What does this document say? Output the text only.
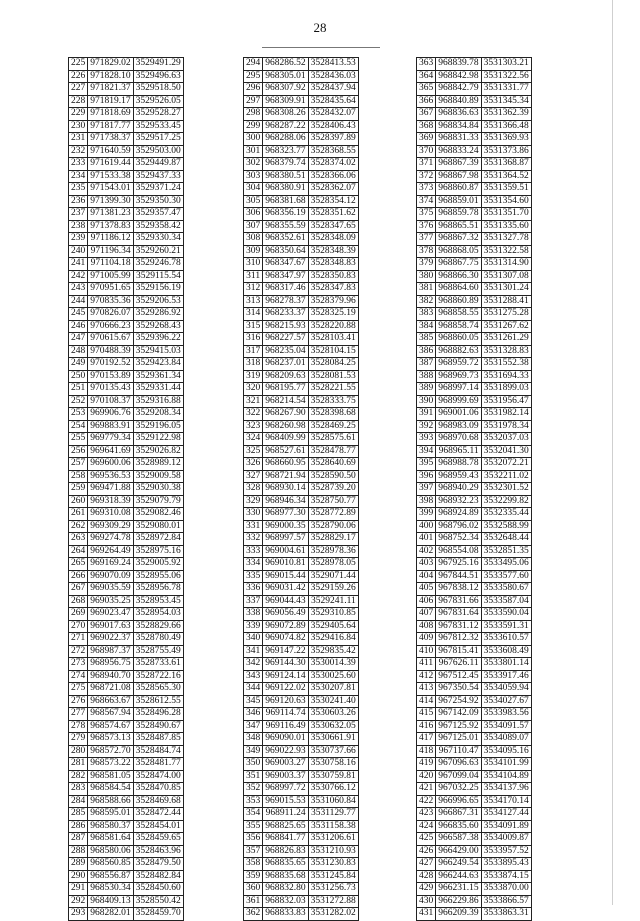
28
225	971829.02	3529491.29
226	971828.10	3529496.63
227	971821.37	3529518.50
228	971819.17	3529526.05
229	971818.69	3529528.27
230	971817.77	3529533.45
231	971738.37	3529517.25
232	971640.59	3529503.00
233	971619.44	3529449.87
234	971533.38	3529437.33
235	971543.01	3529371.24
236	971399.30	3529350.30
237	971381.23	3529357.47
238	971378.83	3529358.42
239	971186.12	3529330.34
240	971196.34	3529260.21
241	971104.18	3529246.78
242	971005.99	3529115.54
243	970951.65	3529156.19
244	970835.36	3529206.53
245	970826.07	3529286.92
246	970666.23	3529268.43
247	970615.67	3529396.22
248	970488.39	3529415.03
249	970192.52	3529423.84
250	970153.89	3529361.34
251	970135.43	3529331.44
252	970108.37	3529316.88
253	969906.76	3529208.34
254	969883.91	3529196.05
255	969779.34	3529122.98
256	969641.69	3529026.82
257	969600.06	3528989.12
258	969536.53	3529009.58
259	969471.88	3529030.38
260	969318.39	3529079.79
261	969310.08	3529082.46
262	969309.29	3529080.01
263	969274.78	3528972.84
264	969264.49	3528975.16
265	969169.24	3529005.92
266	969070.09	3528955.06
267	969035.59	3528956.78
268	969035.25	3528953.45
269	969023.47	3528954.03
270	969017.63	3528829.66
271	969022.37	3528780.49
272	968987.37	3528755.49
273	968956.75	3528733.61
274	968940.70	3528722.16
275	968721.08	3528565.30
276	968663.67	3528612.55
277	968567.94	3528496.28
278	968574.67	3528490.67
279	968573.13	3528487.85
280	968572.70	3528484.74
281	968573.22	3528481.77
282	968581.05	3528474.00
283	968584.54	3528470.85
284	968588.66	3528469.68
285	968595.01	3528472.44
286	968580.37	3528454.01
287	968581.64	3528459.65
288	968580.06	3528463.96
289	968560.85	3528479.50
290	968556.87	3528482.84
291	968530.34	3528450.60
292	968409.13	3528550.42
293	968282.01	3528459.70
294	968286.52	3528413.53
295	968305.01	3528436.03
296	968307.92	3528437.94
297	968309.91	3528435.64
298	968308.26	3528432.07
299	968287.22	3528406.43
300	968288.06	3528397.89
301	968323.77	3528368.55
302	968379.74	3528374.02
303	968380.51	3528366.06
304	968380.91	3528362.07
305	968381.68	3528354.12
306	968356.19	3528351.62
307	968355.59	3528347.65
308	968352.61	3528348.09
309	968350.64	3528348.39
310	968347.67	3528348.83
311	968347.97	3528350.83
312	968317.46	3528347.83
313	968278.37	3528379.96
314	968233.37	3528325.19
315	968215.93	3528220.88
316	968227.57	3528103.41
317	968235.04	3528104.15
318	968237.01	3528084.25
319	968209.63	3528081.53
320	968195.77	3528221.55
321	968214.54	3528333.75
322	968267.90	3528398.68
323	968260.98	3528469.25
324	968409.99	3528575.61
325	968527.61	3528478.77
326	968660.95	3528640.69
327	968721.94	3528590.50
328	968930.14	3528739.20
329	968946.34	3528750.77
330	968977.30	3528772.89
331	969000.35	3528790.06
332	968997.57	3528829.17
333	969004.61	3528978.36
334	969010.81	3528978.05
335	969015.44	3529071.44
336	969031.42	3529159.26
337	969044.43	3529241.11
338	969056.49	3529310.85
339	969072.89	3529405.64
340	969074.82	3529416.84
341	969147.22	3529835.42
342	969144.30	3530014.39
343	969124.14	3530025.60
344	969122.02	3530207.81
345	969120.63	3530241.40
346	969114.74	3530603.26
347	969116.49	3530632.05
348	969090.01	3530661.91
349	969022.93	3530737.66
350	969003.27	3530758.16
351	969003.37	3530759.81
352	968997.72	3530766.12
353	969015.53	3531060.84
354	968911.24	3531129.77
355	968825.65	3531158.38
356	968841.77	3531206.61
357	968826.83	3531210.93
358	968835.65	3531230.83
359	968835.68	3531245.84
360	968832.80	3531256.73
361	968832.03	3531272.88
362	968833.83	3531282.02
363	968839.78	3531303.21
364	968842.98	3531322.56
365	968842.79	3531331.77
366	968840.89	3531345.34
367	968836.63	3531362.39
368	968834.84	3531366.48
369	968831.33	3531369.93
370	968833.24	3531373.86
371	968867.39	3531368.87
372	968867.98	3531364.52
373	968860.87	3531359.51
374	968859.01	3531354.60
375	968859.78	3531351.70
376	968865.51	3531335.60
377	968867.32	3531327.78
378	968868.05	3531322.58
379	968867.75	3531314.90
380	968866.30	3531307.08
381	968864.60	3531301.24
382	968860.89	3531288.41
383	968858.55	3531275.28
384	968858.74	3531267.62
385	968860.05	3531261.29
386	968882.63	3531328.83
387	968959.72	3531552.38
388	968969.73	3531694.33
389	968997.14	3531899.03
390	968999.69	3531956.47
391	969001.06	3531982.14
392	968983.09	3531978.34
393	968970.68	3532037.03
394	968965.11	3532041.30
395	968988.78	3532072.21
396	968959.43	3532211.02
397	968940.29	3532301.52
398	968932.23	3532299.82
399	968924.89	3532335.44
400	968796.02	3532588.99
401	968752.34	3532648.44
402	968554.08	3532851.35
403	967925.16	3533495.06
404	967844.51	3533577.60
405	967838.12	3533580.67
406	967831.66	3533587.04
407	967831.64	3533590.04
408	967831.12	3533591.31
409	967812.32	3533610.57
410	967815.41	3533608.49
411	967626.11	3533801.14
412	967512.45	3533917.46
413	967350.54	3534059.94
414	967254.92	3534027.67
415	967142.09	3533983.56
416	967125.92	3534091.57
417	967125.01	3534089.07
418	967110.47	3534095.16
419	967096.63	3534101.99
420	967099.04	3534104.89
421	967032.25	3534137.96
422	966996.65	3534170.14
423	966867.31	3534127.44
424	966835.60	3534091.89
425	966587.38	3534009.87
426	966429.00	3533957.52
427	966249.54	3533895.43
428	966244.63	3533874.15
429	966231.15	3533870.00
430	966229.86	3533866.57
431	966209.39	3533863.31
